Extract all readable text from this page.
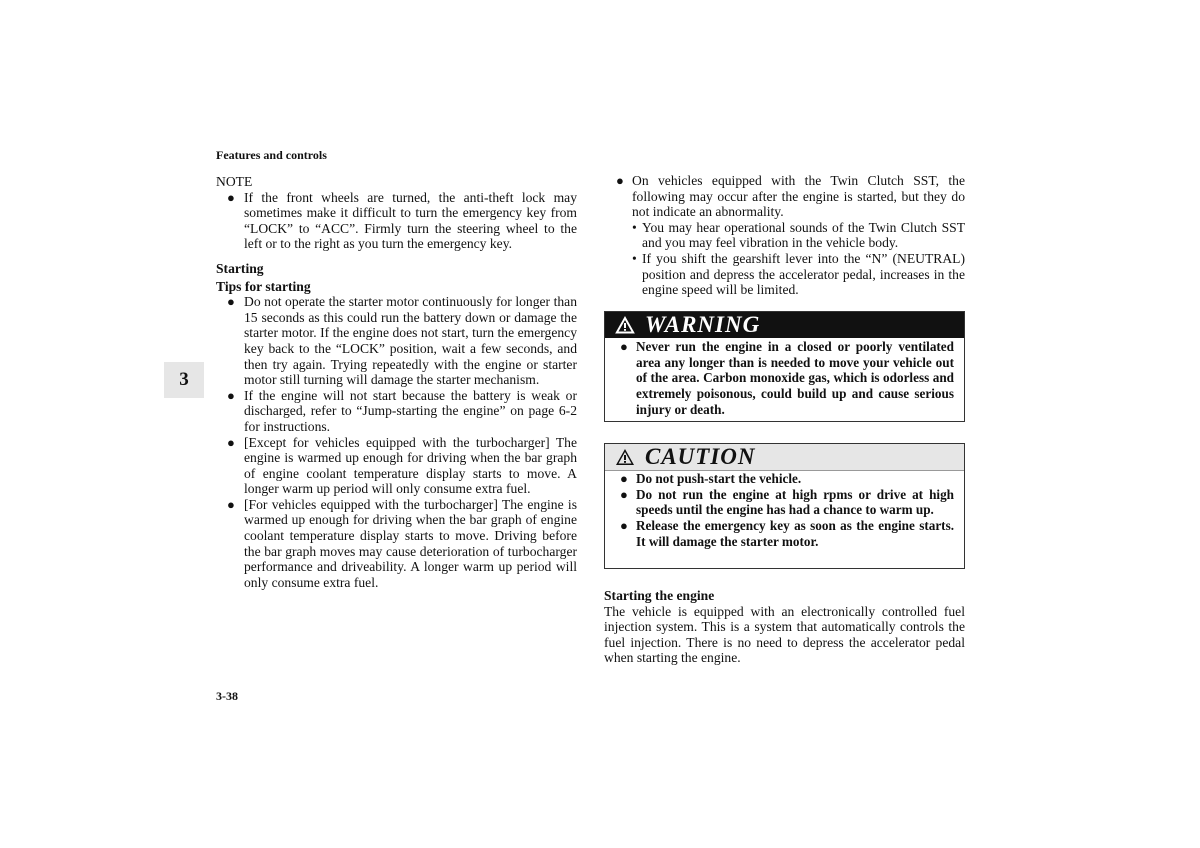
Features and controls
3

NOTE

● If the front wheels are turned, the anti-theft lock may sometimes make it difficult to turn the emergency key from “LOCK” to “ACC”. Firmly turn the steering wheel to the left or to the right as you turn the emergency key.

Starting

Tips for starting

● Do not operate the starter motor continuously for longer than 15 seconds as this could run the battery down or damage the starter motor. If the engine does not start, turn the emergency key back to the “LOCK” position, wait a few seconds, and then try again. Trying repeatedly with the engine or starter motor still turning will damage the starter mechanism.

● If the engine will not start because the battery is weak or discharged, refer to “Jump-starting the engine” on page 6-2 for instructions.

● [Except for vehicles equipped with the turbocharger] The engine is warmed up enough for driving when the bar graph of engine coolant temperature display starts to move. A longer warm up period will only consume extra fuel.

● [For vehicles equipped with the turbocharger] The engine is warmed up enough for driving when the bar graph of engine coolant temperature display starts to move. Driving before the bar graph moves may cause deterioration of turbocharger performance and driveability. A longer warm up period will only consume extra fuel.

● On vehicles equipped with the Twin Clutch SST, the following may occur after the engine is started, but they do not indicate an abnormality.

• You may hear operational sounds of the Twin Clutch SST and you may feel vibration in the vehicle body.

• If you shift the gearshift lever into the “N” (NEUTRAL) position and depress the accelerator pedal, increases in the engine speed will be limited.

WARNING

● Never run the engine in a closed or poorly ventilated area any longer than is needed to move your vehicle out of the area. Carbon monoxide gas, which is odorless and extremely poisonous, could build up and cause serious injury or death.

CAUTION

● Do not push-start the vehicle.

● Do not run the engine at high rpms or drive at high speeds until the engine has had a chance to warm up.

● Release the emergency key as soon as the engine starts. It will damage the starter motor.

Starting the engine

The vehicle is equipped with an electronically controlled fuel injection system. This is a system that automatically controls the fuel injection. There is no need to depress the accelerator pedal when starting the engine.

3-38
